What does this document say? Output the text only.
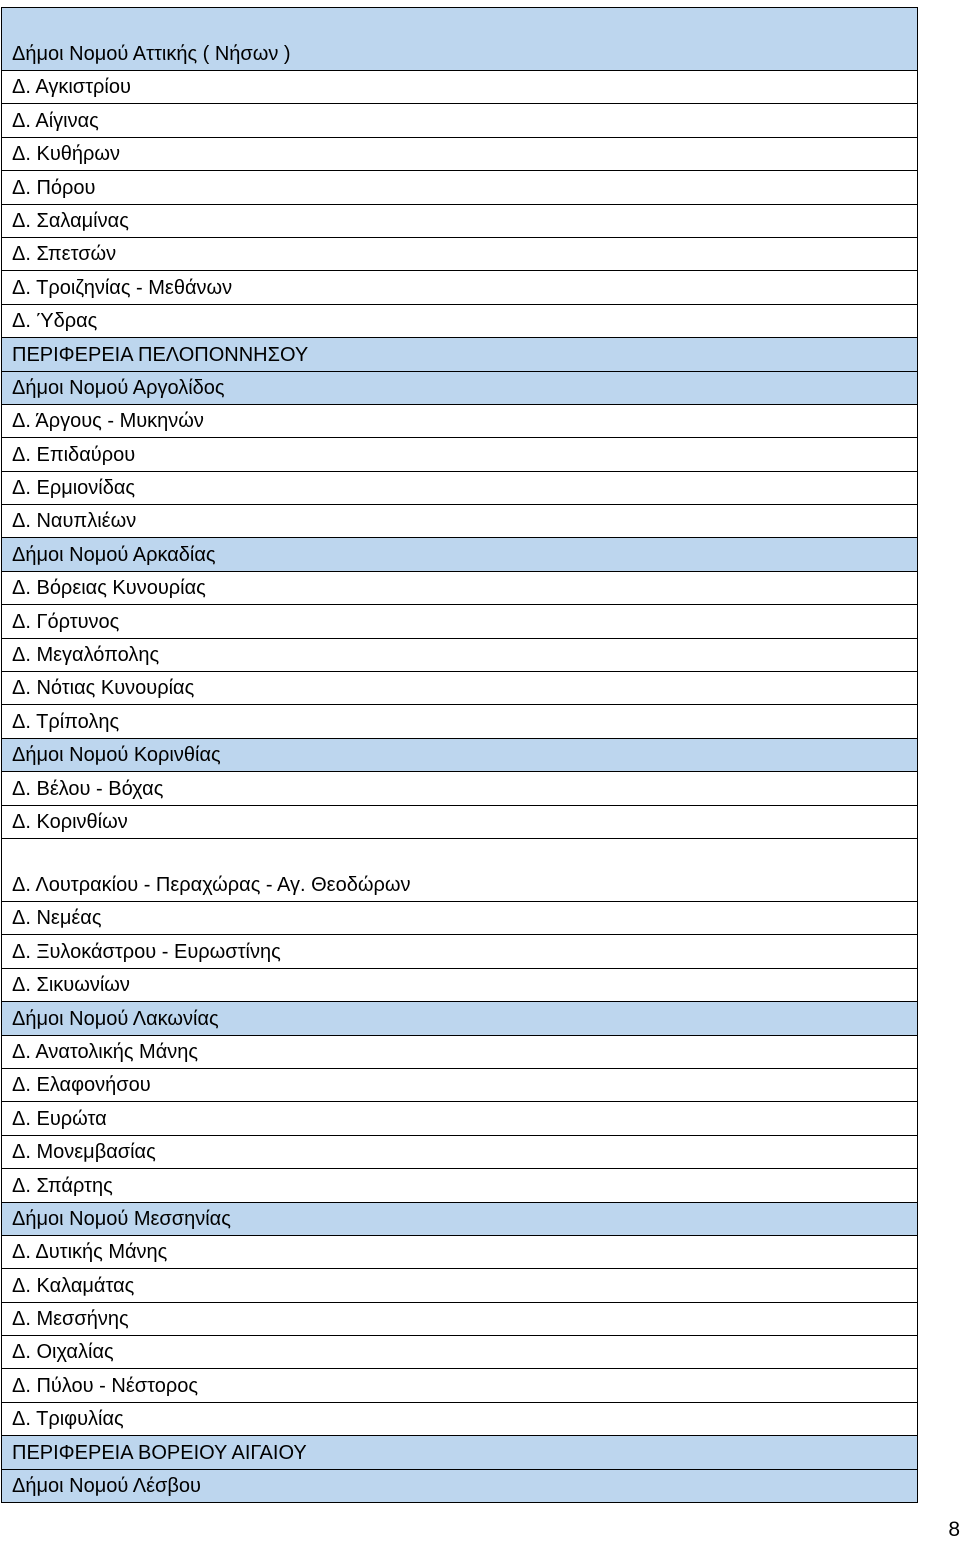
Δήμοι Νομού Αττικής ( Νήσων )
Δ. Αγκιστρίου
Δ. Αίγινας
Δ. Κυθήρων
Δ. Πόρου
Δ. Σαλαμίνας
Δ. Σπετσών
Δ. Τροιζηνίας - Μεθάνων
Δ. Ύδρας
ΠΕΡΙΦΕΡΕΙΑ ΠΕΛΟΠΟΝΝΗΣΟΥ
Δήμοι Νομού Αργολίδος
Δ. Άργους - Μυκηνών
Δ. Επιδαύρου
Δ. Ερμιονίδας
Δ. Ναυπλιέων
Δήμοι Νομού Αρκαδίας
Δ. Βόρειας Κυνουρίας
Δ. Γόρτυνος
Δ. Μεγαλόπολης
Δ. Νότιας Κυνουρίας
Δ. Τρίπολης
Δήμοι Νομού Κορινθίας
Δ. Βέλου - Βόχας
Δ. Κορινθίων
Δ. Λουτρακίου - Περαχώρας - Αγ. Θεοδώρων
Δ. Νεμέας
Δ. Ξυλοκάστρου - Ευρωστίνης
Δ. Σικυωνίων
Δήμοι Νομού Λακωνίας
Δ. Ανατολικής Μάνης
Δ. Ελαφονήσου
Δ. Ευρώτα
Δ. Μονεμβασίας
Δ. Σπάρτης
Δήμοι Νομού Μεσσηνίας
Δ. Δυτικής Μάνης
Δ. Καλαμάτας
Δ. Μεσσήνης
Δ. Οιχαλίας
Δ. Πύλου - Νέστορος
Δ. Τριφυλίας
ΠΕΡΙΦΕΡΕΙΑ ΒΟΡΕΙΟΥ ΑΙΓΑΙΟΥ
Δήμοι Νομού Λέσβου
8
